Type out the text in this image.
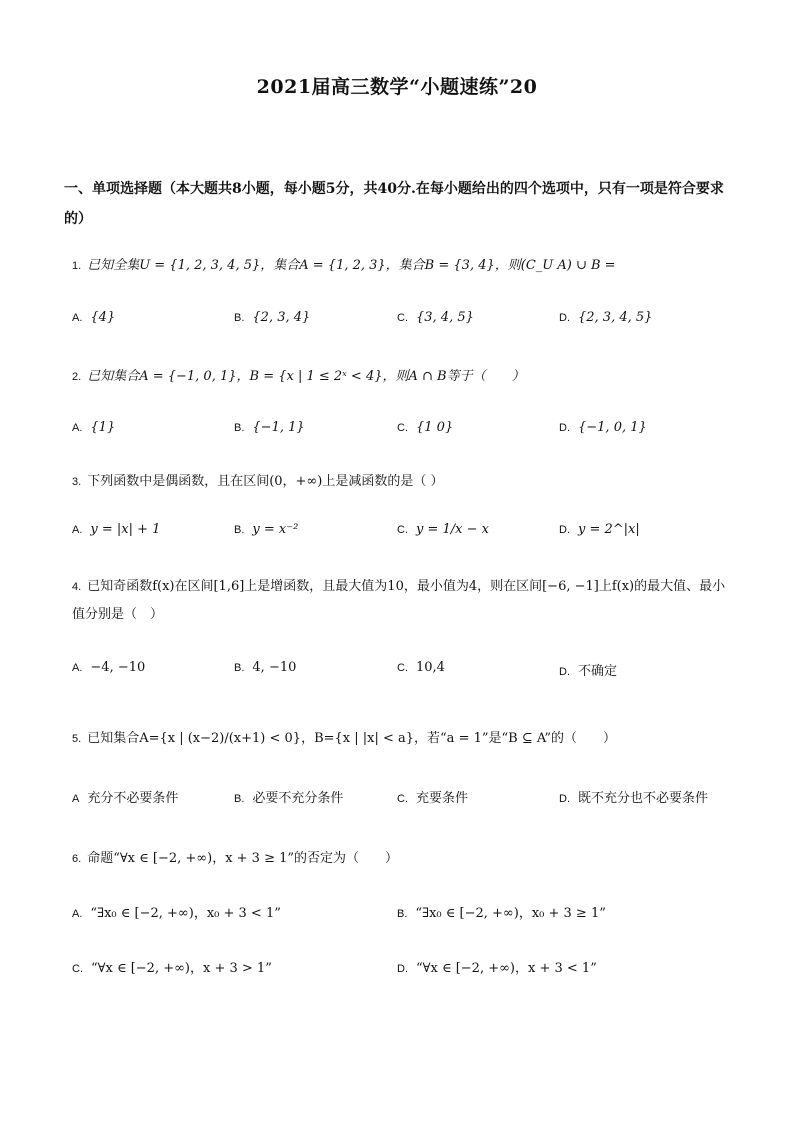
2021届高三数学“小题速练”20
一、单项选择题（本大题共8小题，每小题5分，共40分.在每小题给出的四个选项中，只有一项是符合要求的）
1. 已知全集U = {1, 2, 3, 4, 5}，集合A = {1, 2, 3}，集合B = {3, 4}，则(C_U A) ∪ B =
A. {4}	B. {2, 3, 4}	C. {3, 4, 5}	D. {2, 3, 4, 5}
2. 已知集合A = {−1, 0, 1}，B = {x | 1 ≤ 2ˣ < 4}，则A ∩ B等于（　　）
A. {1}	B. {−1, 1}	C. {1 0}	D. {−1, 0, 1}
3. 下列函数中是偶函数，且在区间(0，+∞)上是减函数的是（ ）
A. y = |x| + 1	B. y = x⁻²	C. y = 1/x − x	D. y = 2^|x|
4. 已知奇函数f(x)在区间[1,6]上是增函数，且最大值为10，最小值为4，则在区间[−6, −1]上f(x)的最大值、最小值分别是（　）
A. −4, −10	B. 4, −10	C. 10,4	D. 不确定
5. 已知集合A={x | (x−2)/(x+1) < 0}，B={x | |x| < a}，若“a = 1”是“B ⊆ A”的（　　）
A 充分不必要条件	B. 必要不充分条件	C. 充要条件	D. 既不充分也不必要条件
6. 命题“∀x ∈ [−2, +∞)，x + 3 ≥ 1”的否定为（　　）
A. “∃x₀ ∈ [−2, +∞)，x₀ + 3 < 1”	B. “∃x₀ ∈ [−2, +∞)，x₀ + 3 ≥ 1”
C. “∀x ∈ [−2, +∞)，x + 3 > 1”	D. “∀x ∈ [−2, +∞)，x + 3 < 1”
